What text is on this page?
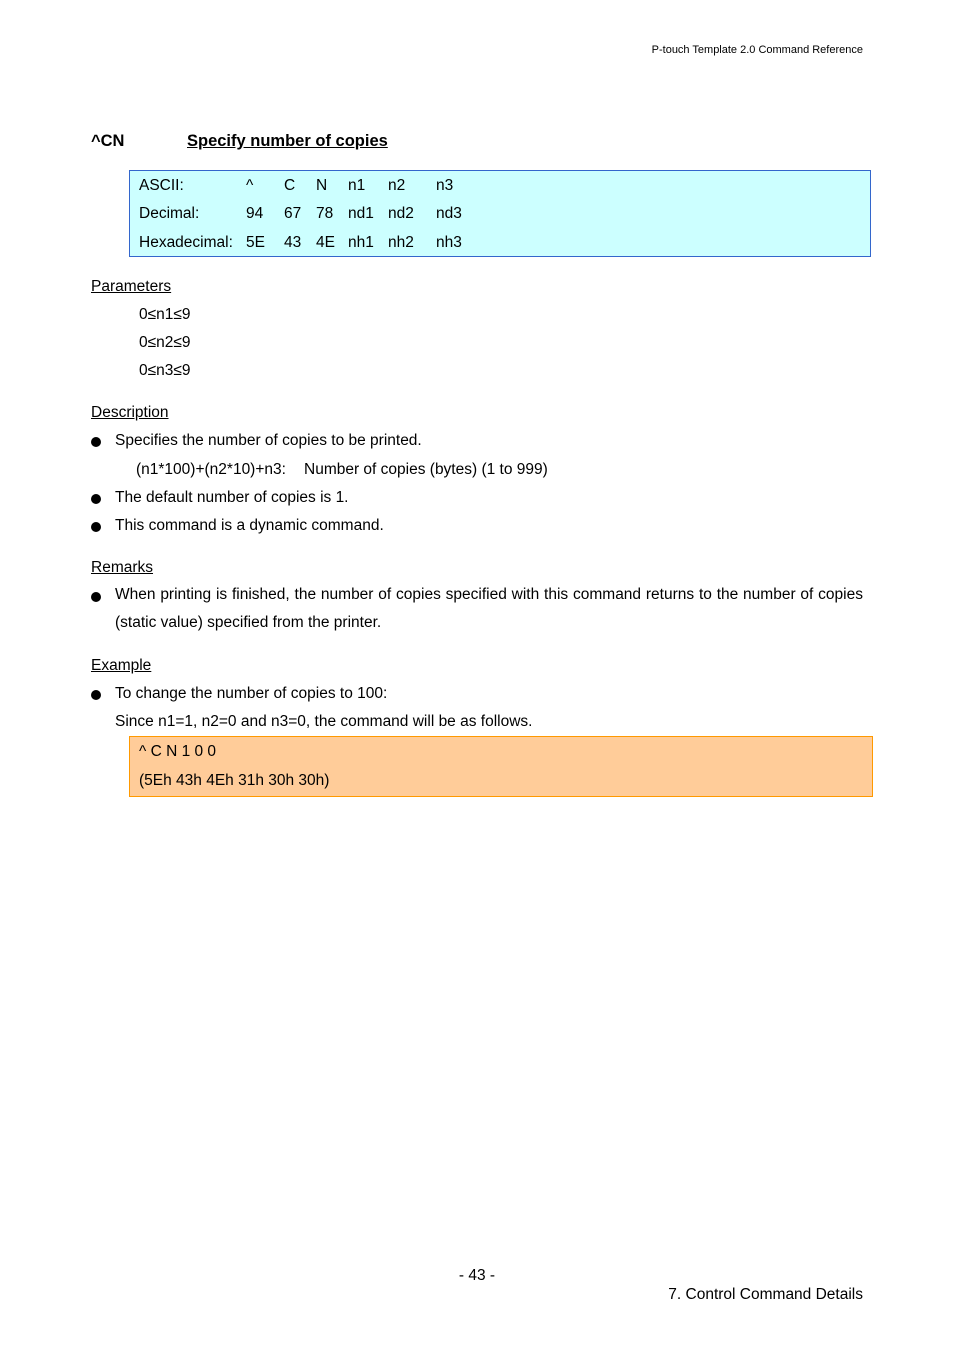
P-touch Template 2.0 Command Reference
^CN	Specify number of copies
ASCII:	^ C N n1 n2 n3
Decimal:	94 67 78 nd1 nd2 nd3
Hexadecimal: 5E 43 4E nh1 nh2 nh3
Parameters
0≤n1≤9
0≤n2≤9
0≤n3≤9
Description
Specifies the number of copies to be printed.
(n1*100)+(n2*10)+n3: Number of copies (bytes) (1 to 999)
The default number of copies is 1.
This command is a dynamic command.
Remarks
When printing is finished, the number of copies specified with this command returns to the number of copies (static value) specified from the printer.
Example
To change the number of copies to 100:
Since n1=1, n2=0 and n3=0, the command will be as follows.
^ C N 1 0 0
(5Eh 43h 4Eh 31h 30h 30h)
- 43 -
7. Control Command Details
